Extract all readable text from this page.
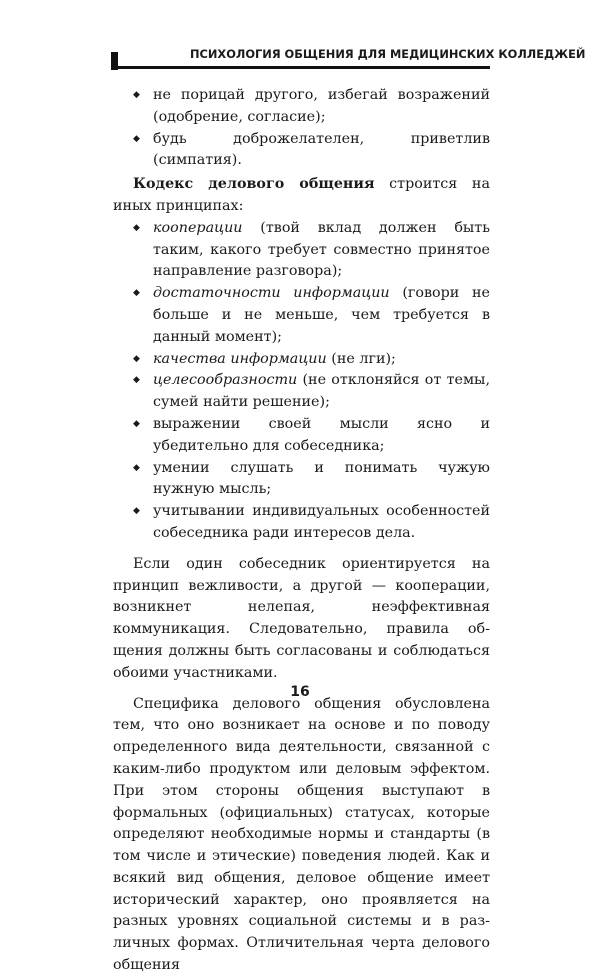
ПСИХОЛОГИЯ ОБЩЕНИЯ ДЛЯ МЕДИЦИНСКИХ КОЛЛЕДЖЕЙ
◆ не порицай другого, избегай возражений (одобрение, согласие);
◆ будь доброжелателен, приветлив (симпатия).

Кодекс делового общения строится на иных принципах:

◆ кооперации (твой вклад должен быть таким, какого требует совместно принятое направление разговора);
◆ достаточности информации (говори не больше и не меньше, чем требуется в данный момент);
◆ качества информации (не лги);
◆ целесообразности (не отклоняйся от темы, сумей найти решение);
◆ выражении своей мысли ясно и убедительно для собеседника;
◆ умении слушать и понимать чужую нужную мысль;
◆ учитывании индивидуальных особенностей собеседника ради интересов дела.

Если один собеседник ориентируется на принцип вежливости, а другой — кооперации, возникнет нелепая, неэффективная коммуникация. Следовательно, правила общения должны быть согласованы и соблюдаться обоими участниками.

Специфика делового общения обусловлена тем, что оно возникает на основе и по поводу определенного вида деятельности, связанной с каким-либо продуктом или деловым эффектом. При этом стороны общения выступают в формальных (официальных) статусах, которые определяют необходимые нормы и стандарты (в том числе и этические) поведения людей. Как и всякий вид общения, деловое общение имеет исторический характер, оно проявляется на разных уровнях социальной системы и в различных формах. Отличительная черта делового общения

16
